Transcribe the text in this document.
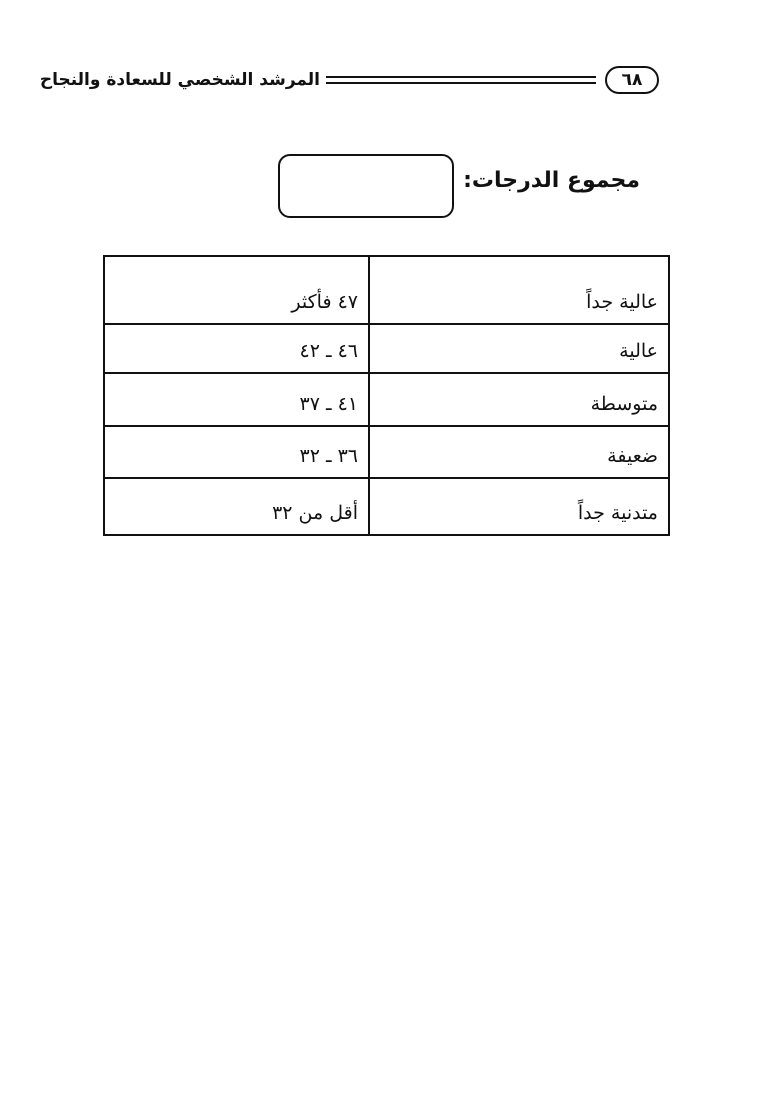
٦٨
المرشد الشخصي للسعادة والنجاح
مجموع الدرجات:
عالية جداً	٤٧ فأكثر
عالية	٤٦ ـ ٤٢
متوسطة	٤١ ـ ٣٧
ضعيفة	٣٦ ـ ٣٢
متدنية جداً	أقل من ٣٢
